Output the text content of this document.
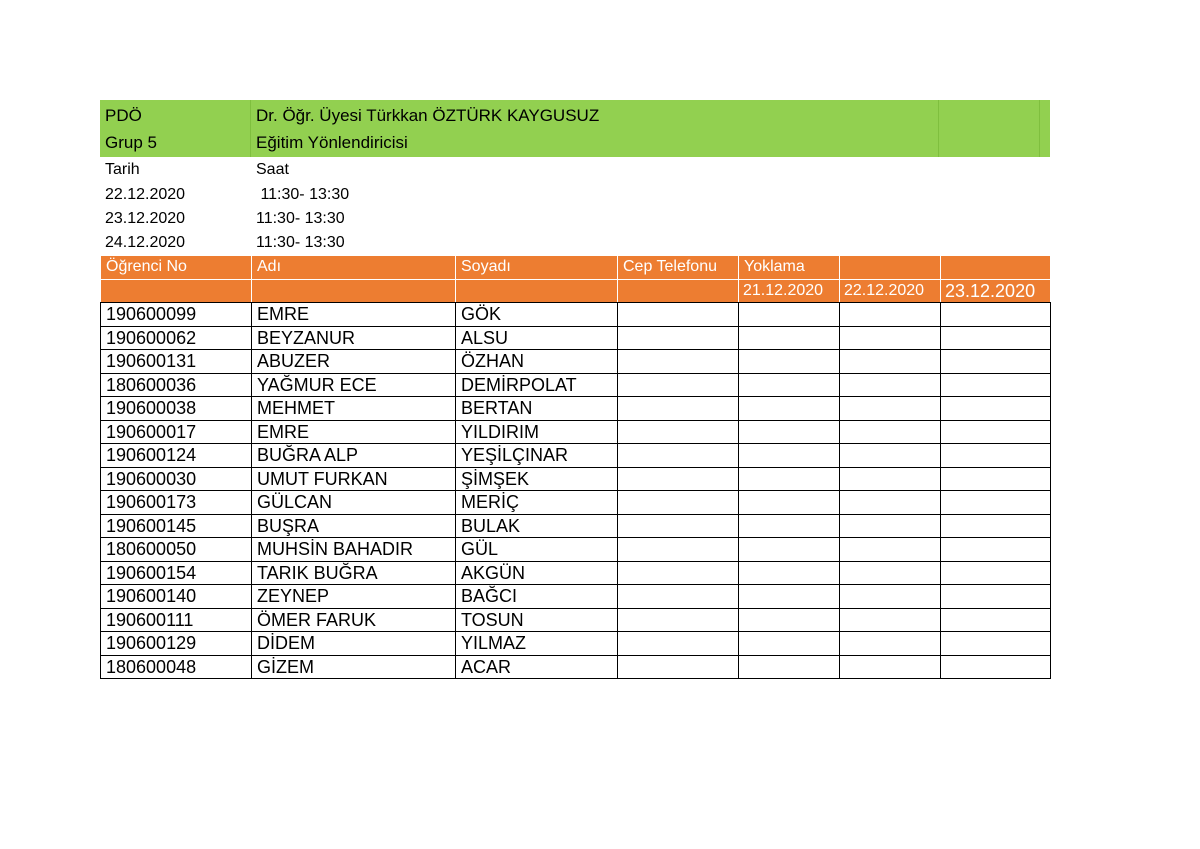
PDÖ
Grup 5
Dr. Öğr. Üyesi Türkkan ÖZTÜRK KAYGUSUZ
Eğitim Yönlendiricisi
Tarih	Saat
22.12.2020	11:30- 13:30
23.12.2020	11:30- 13:30
24.12.2020	11:30- 13:30
Öğrenci No	Adı	Soyadı	Cep Telefonu	Yoklama		
				21.12.2020	22.12.2020	23.12.2020
190600099	EMRE	GÖK				
190600062	BEYZANUR	ALSU				
190600131	ABUZER	ÖZHAN				
180600036	YAĞMUR ECE	DEMİRPOLAT				
190600038	MEHMET	BERTAN				
190600017	EMRE	YILDIRIM				
190600124	BUĞRA ALP	YEŞİLÇINAR				
190600030	UMUT FURKAN	ŞİMŞEK				
190600173	GÜLCAN	MERİÇ				
190600145	BUŞRA	BULAK				
180600050	MUHSİN BAHADIR	GÜL				
190600154	TARIK BUĞRA	AKGÜN				
190600140	ZEYNEP	BAĞCI				
190600111	ÖMER FARUK	TOSUN				
190600129	DİDEM	YILMAZ				
180600048	GİZEM	ACAR				
